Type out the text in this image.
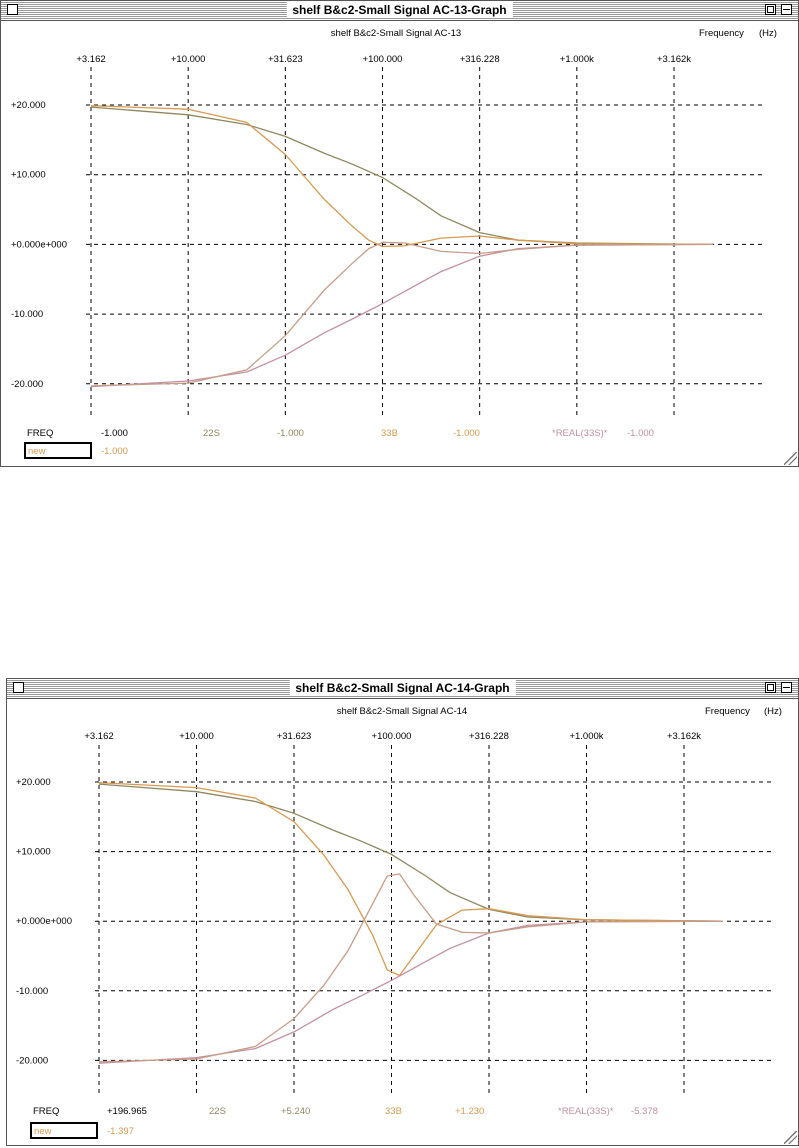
shelf B&c2-Small Signal AC-13-Graph
shelf B&c2-Small Signal AC-13	Frequency (Hz)
+3.162	+10.000	+31.623	+100.000	+316.228	+1.000k	+3.162k
+20.000
+10.000
+0.000e+000
-10.000
-20.000
FREQ	-1.000	22S	-1.000	33B	-1.000	*REAL(33S)* -1.000
new	-1.000
shelf B&c2-Small Signal AC-14-Graph
shelf B&c2-Small Signal AC-14	Frequency (Hz)
+3.162	+10.000	+31.623	+100.000	+316.228	+1.000k	+3.162k
+20.000
+10.000
+0.000e+000
-10.000
-20.000
FREQ	+196.965	22S	+5.240	33B	+1.230	*REAL(33S)* -5.378
new	-1.397
